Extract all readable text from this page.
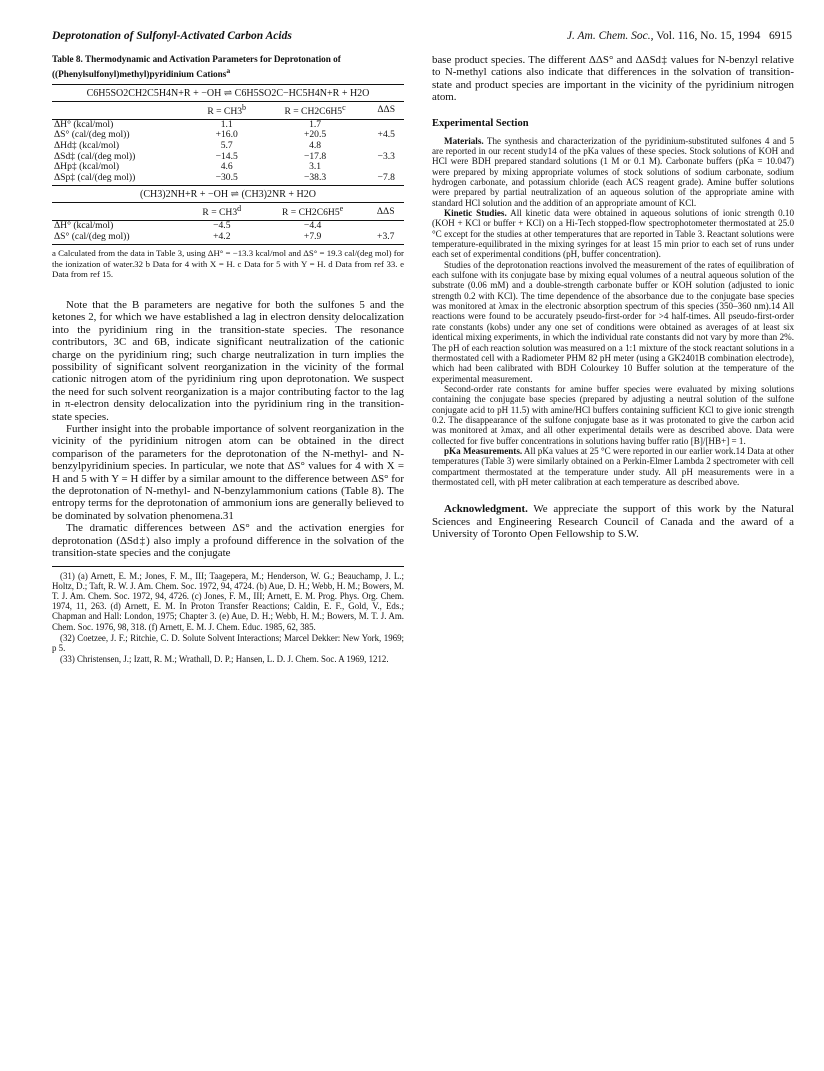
Deprotonation of Sulfonyl-Activated Carbon Acids	J. Am. Chem. Soc., Vol. 116, No. 15, 1994 6915
Table 8. Thermodynamic and Activation Parameters for Deprotonation of ((Phenylsulfonyl)methyl)pyridinium Cations$^a$
C6H5SO2CH2C5H4N+R + −OH ⇌ C6H5SO2C−HC5H4N+R + H2O
	$R = CH3^b$	$R = CH2C6H5^c$	ΔΔS
ΔH° (kcal/mol)	1.1	1.7	
ΔS° (cal/(deg mol))	+16.0	+20.5	+4.5
ΔHd‡ (kcal/mol)	5.7	4.8	
ΔSd‡ (cal/(deg mol))	−14.5	−17.8	−3.3
ΔHp‡ (kcal/mol)	4.6	3.1	
ΔSp‡ (cal/(deg mol))	−30.5	−38.3	−7.8
(CH3)2NH+R + −OH ⇌ (CH3)2NR + H2O
	$R = CH3^d$	$R = CH2C6H5^e$	ΔΔS
ΔH° (kcal/mol)	−4.5	−4.4	
ΔS° (cal/(deg mol))	+4.2	+7.9	+3.7
a Calculated from the data in Table 3, using ΔH° = −13.3 kcal/mol and ΔS° = 19.3 cal/(deg mol) for the ionization of water.32 b Data for 4 with X = H. c Data for 5 with Y = H. d Data from ref 33. e Data from ref 15.

Note that the B parameters are negative for both the sulfones 5 and the ketones 2, for which we have established a lag in electron density delocalization into the pyridinium ring in the transition-state species. The resonance contributors, 3C and 6B, indicate significant neutralization of the cationic charge on the pyridinium ring; such charge neutralization in turn implies the possibility of significant solvent reorganization in the vicinity of the formal cationic nitrogen atom of the pyridinium ring upon deprotonation. We suspect the need for such solvent reorganization is a major contributing factor to the lag in π-electron density delocalization into the pyridinium ring in the transition-state species.

Further insight into the probable importance of solvent reorganization in the vicinity of the pyridinium nitrogen atom can be obtained in the direct comparison of the parameters for the deprotonation of the N-methyl- and N-benzylpyridinium species. In particular, we note that ΔS° values for 4 with X = H and 5 with Y = H differ by a similar amount to the difference between ΔS° for the deprotonation of N-methyl- and N-benzylammonium cations (Table 8). The entropy terms for the deprotonation of ammonium ions are generally believed to be dominated by solvation phenomena.31

The dramatic differences between ΔS° and the activation energies for deprotonation (ΔSd‡) also imply a profound difference in the solvation of the transition-state species and the conjugate

(31) (a) Arnett, E. M.; Jones, F. M., III; Taagepera, M.; Henderson, W. G.; Beauchamp, J. L.; Holtz, D.; Taft, R. W. J. Am. Chem. Soc. 1972, 94, 4724. (b) Aue, D. H.; Webb, H. M.; Bowers, M. T. J. Am. Chem. Soc. 1972, 94, 4726. (c) Jones, F. M., III; Arnett, E. M. Prog. Phys. Org. Chem. 1974, 11, 263. (d) Arnett, E. M. In Proton Transfer Reactions; Caldin, E. F., Gold, V., Eds.; Chapman and Hall: London, 1975; Chapter 3. (e) Aue, D. H.; Webb, H. M.; Bowers, M. T. J. Am. Chem. Soc. 1976, 98, 318. (f) Arnett, E. M. J. Chem. Educ. 1985, 62, 385.

(32) Coetzee, J. F.; Ritchie, C. D. Solute Solvent Interactions; Marcel Dekker: New York, 1969; p 5.

(33) Christensen, J.; Izatt, R. M.; Wrathall, D. P.; Hansen, L. D. J. Chem. Soc. A 1969, 1212.

base product species. The different ΔΔS° and ΔΔSd‡ values for N-benzyl relative to N-methyl cations also indicate that differences in the solvation of transition-state and product species are important in the vicinity of the pyridinium nitrogen atom.
Experimental Section

Materials. The synthesis and characterization of the pyridinium-substituted sulfones 4 and 5 are reported in our recent study14 of the pKa values of these species. Stock solutions of KOH and HCl were BDH prepared standard solutions (1 M or 0.1 M). Carbonate buffers (pKa = 10.047) were prepared by mixing appropriate volumes of stock solutions of sodium carbonate, sodium hydrogen carbonate, and potassium chloride (each ACS reagent grade). Amine buffer solutions were prepared by partial neutralization of an aqueous solution of the appropriate amine with standard HCl solution and the addition of an appropriate amount of KCl.

Kinetic Studies. All kinetic data were obtained in aqueous solutions of ionic strength 0.10 (KOH + KCl or buffer + KCl) on a Hi-Tech stopped-flow spectrophotometer thermostated at 25.0 °C except for the studies at other temperatures that are reported in Table 3. Reactant solutions were temperature-equilibrated in the mixing syringes for at least 15 min prior to each set of runs under each set of experimental conditions (pH, buffer concentration).

Studies of the deprotonation reactions involved the measurement of the rates of equilibration of each sulfone with its conjugate base by mixing equal volumes of a neutral aqueous solution of the substrate (0.06 mM) and a double-strength carbonate buffer or KOH solution (adjusted to ionic strength 0.2 with KCl). The time dependence of the absorbance due to the conjugate base species was monitored at λmax in the electronic absorption spectrum of this species (350–360 nm).14 All reactions were found to be accurately pseudo-first-order for >4 half-times. All pseudo-first-order rate constants (kobs) under any one set of conditions were obtained as averages of at least six identical mixing experiments, in which the individual rate constants did not vary by more than 2%. The pH of each reaction solution was measured on a 1:1 mixture of the stock reactant solutions in a thermostated cell with a Radiometer PHM 82 pH meter (using a GK2401B combination electrode), which had been calibrated with BDH Colourkey 10 Buffer solution at the temperature of the experimental measurement.

Second-order rate constants for amine buffer species were evaluated by mixing solutions containing the conjugate base species (prepared by adjusting a neutral solution of the sulfone conjugate acid to pH 11.5) with amine/HCl buffers containing sufficient KCl to give ionic strength 0.2. The disappearance of the sulfone conjugate base as it was protonated to give the carbon acid was monitored at λmax, and all other experimental details were as described above. Data were collected for five buffer concentrations in solutions having buffer ratio [B]/[HB+] = 1.

pKa Measurements. All pKa values at 25 °C were reported in our earlier work.14 Data at other temperatures (Table 3) were similarly obtained on a Perkin-Elmer Lambda 2 spectrometer with cell compartment thermostated at the temperature under study. All pH measurements were in a thermostated cell, with pH meter calibration at each temperature as described above.

Acknowledgment. We appreciate the support of this work by the Natural Sciences and Engineering Research Council of Canada and the award of a University of Toronto Open Fellowship to S.W.
